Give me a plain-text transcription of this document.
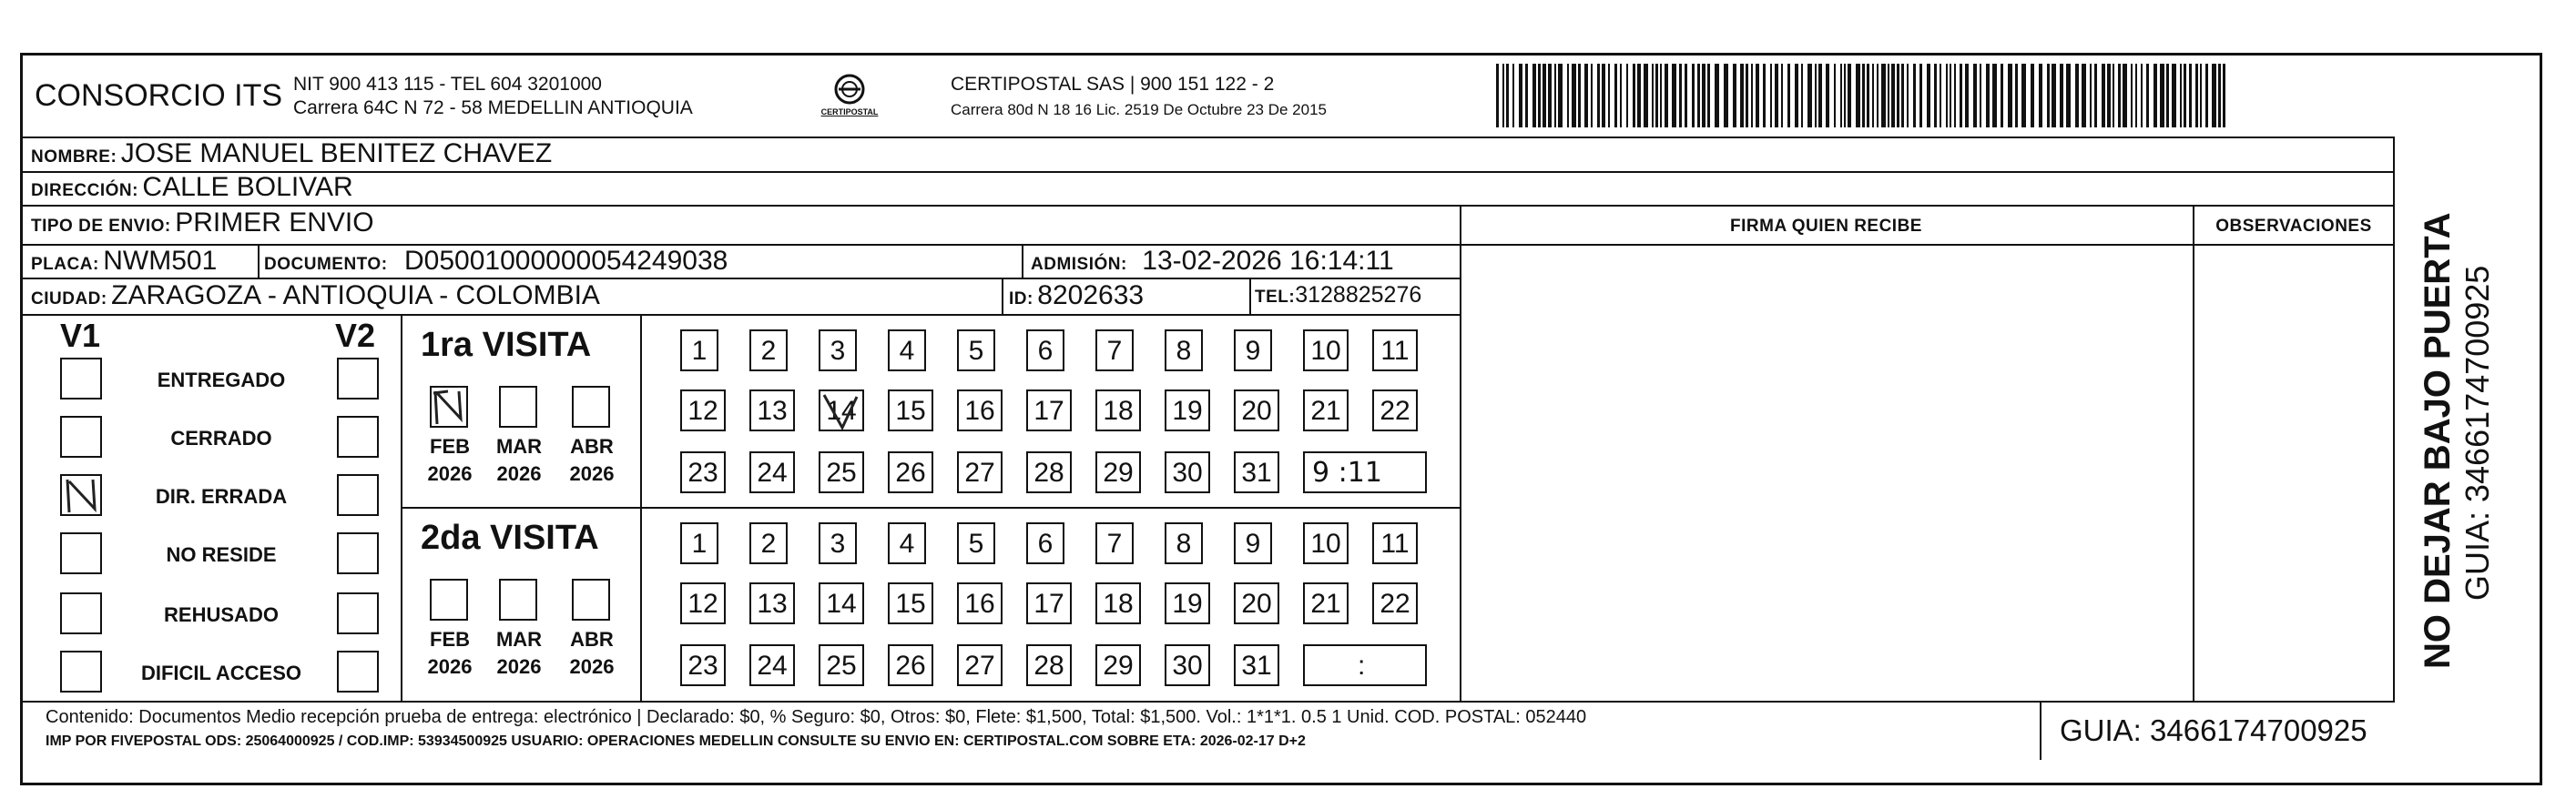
CONSORCIO ITS NIT 900 413 115 - TEL 604 3201000
Carrera 64C N 72 - 58 MEDELLIN ANTIOQUIA	CERTIPOSTAL
CERTIPOSTAL SAS | 900 151 122 - 2
Carrera 80d N 18 16 Lic. 2519 De Octubre 23 De 2015
NOMBRE: JOSE MANUEL BENITEZ CHAVEZ
DIRECCIÓN: CALLE BOLIVAR
TIPO DE ENVIO: PRIMER ENVIO	FIRMA QUIEN RECIBE	OBSERVACIONES
PLACA: NWM501	DOCUMENTO: D05001000000054249038	ADMISIÓN: 13-02-2026 16:14:11
CIUDAD: ZARAGOZA - ANTIOQUIA - COLOMBIA	ID: 8202633	TEL:3128825276
V1	V2
ENTREGADO
CERRADO
DIR. ERRADA
NO RESIDE
REHUSADO
DIFICIL ACCESO
1ra VISITA
FEB
2026
MAR
2026
ABR
2026
1	2	3	4	5	6	7	8	9	10	11
12 13 14 15 16 17 18 19 20 21 22
23 24 25 26 27 28 29 30 31	9 :11
2da VISITA
FEB
2026
MAR
2026
ABR
2026
1	2	3	4	5	6	7	8	9	10	11
12 13 14 15 16 17 18 19 20 21 22
23 24 25 26 27 28 29 30 31	:
Contenido: Documentos Medio recepción prueba de entrega: electrónico | Declarado: $0, % Seguro: $0, Otros: $0, Flete: $1,500, Total: $1,500. Vol.: 1*1*1. 0.5 1 Unid. COD. POSTAL: 052440
IMP POR FIVEPOSTAL ODS: 25064000925 / COD.IMP: 53934500925 USUARIO: OPERACIONES MEDELLIN CONSULTE SU ENVIO EN: CERTIPOSTAL.COM SOBRE ETA: 2026-02-17 D+2	GUIA: 3466174700925
NO DEJAR BAJO PUERTA GUIA: 3466174700925
